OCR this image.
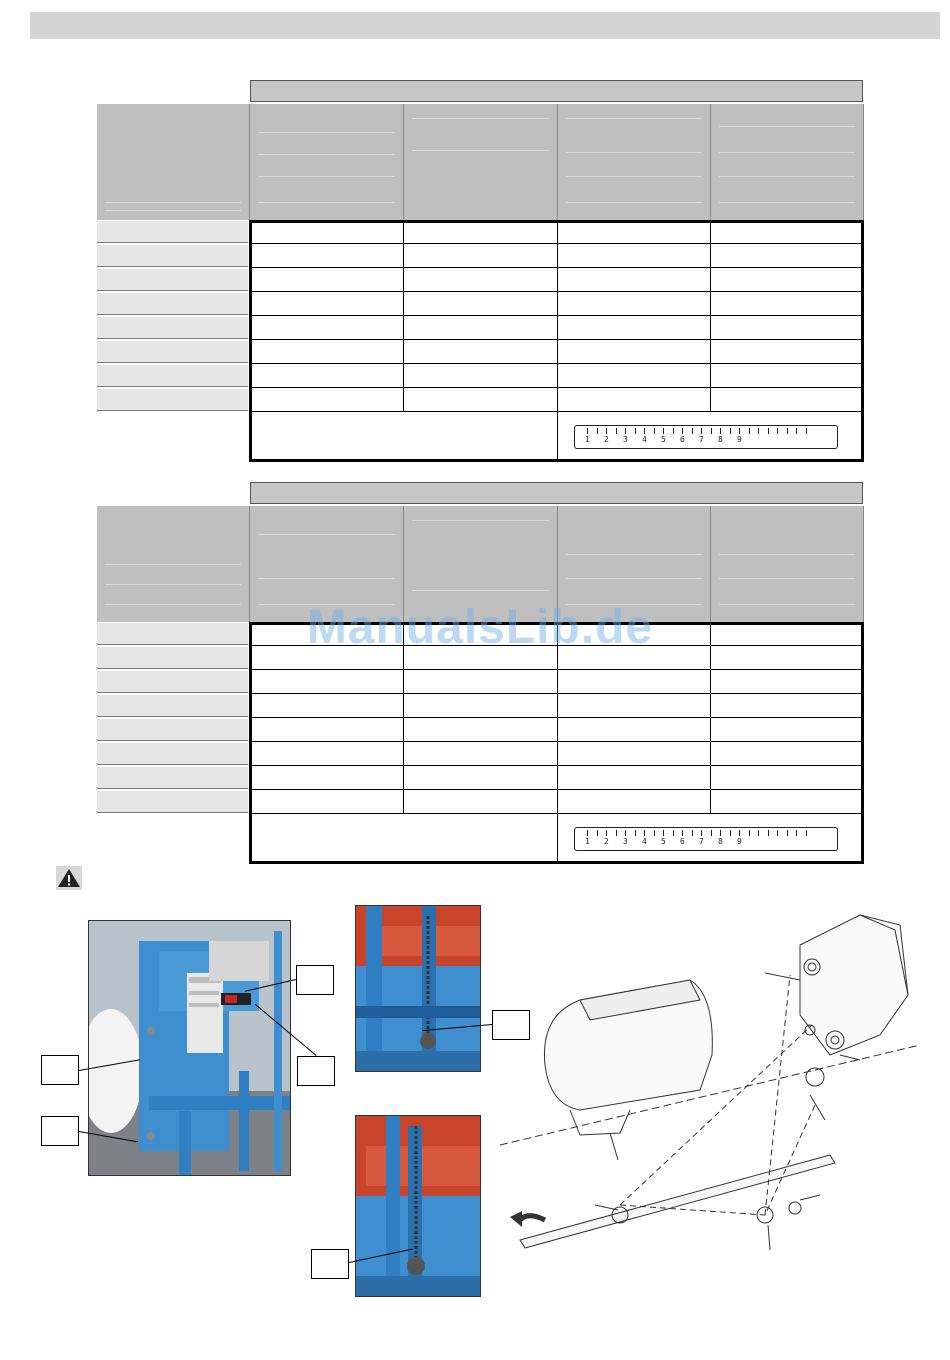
1 2 3 4 5 6 7 8 9
1 2 3 4 5 6 7 8 9
ManualsLib.de
